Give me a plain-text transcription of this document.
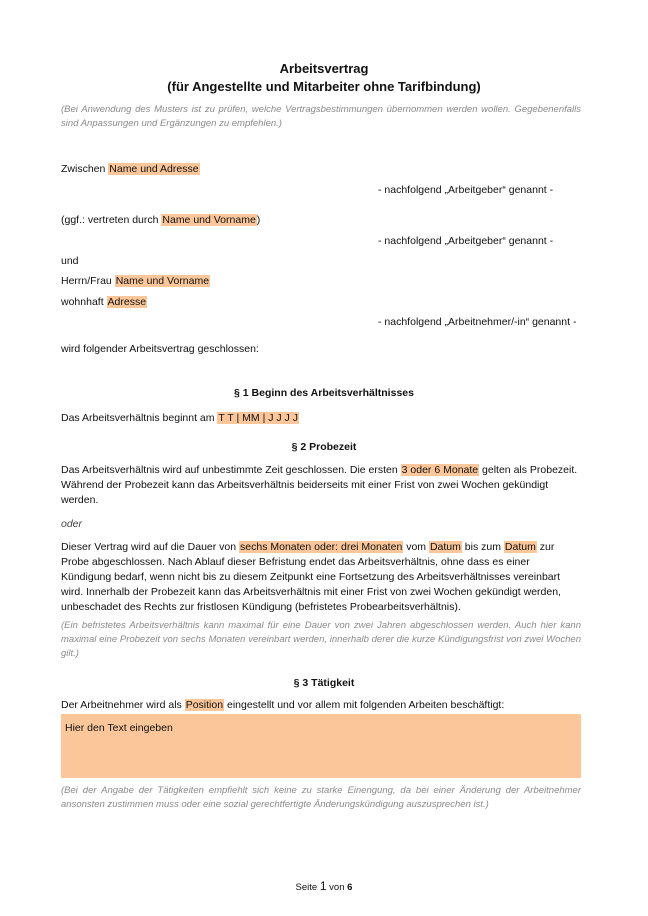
Arbeitsvertrag
(für Angestellte und Mitarbeiter ohne Tarifbindung)
(Bei Anwendung des Musters ist zu prüfen, welche Vertragsbestimmungen übernommen werden wollen. Gegebenenfalls sind Anpassungen und Ergänzungen zu empfehlen.)
Zwischen Name und Adresse
- nachfolgend „Arbeitgeber“ genannt -
(ggf.: vertreten durch Name und Vorname)
- nachfolgend „Arbeitgeber“ genannt -
und
Herrn/Frau Name und Vorname
wohnhaft Adresse
- nachfolgend „Arbeitnehmer/-in“ genannt -
wird folgender Arbeitsvertrag geschlossen:
§ 1 Beginn des Arbeitsverhältnisses
Das Arbeitsverhältnis beginnt am T T | MM | J J J J
§ 2 Probezeit
Das Arbeitsverhältnis wird auf unbestimmte Zeit geschlossen. Die ersten 3 oder 6 Monate gelten als Probezeit. Während der Probezeit kann das Arbeitsverhältnis beiderseits mit einer Frist von zwei Wochen gekündigt werden.
oder
Dieser Vertrag wird auf die Dauer von sechs Monaten oder: drei Monaten vom Datum bis zum Datum zur Probe abgeschlossen. Nach Ablauf dieser Befristung endet das Arbeitsverhältnis, ohne dass es einer Kündigung bedarf, wenn nicht bis zu diesem Zeitpunkt eine Fortsetzung des Arbeitsverhältnisses vereinbart wird. Innerhalb der Probezeit kann das Arbeitsverhältnis mit einer Frist von zwei Wochen gekündigt werden, unbeschadet des Rechts zur fristlosen Kündigung (befristetes Probearbeitsverhältnis).
(Ein befristetes Arbeitsverhältnis kann maximal für eine Dauer von zwei Jahren abgeschlossen werden. Auch hier kann maximal eine Probezeit von sechs Monaten vereinbart werden, innerhalb derer die kurze Kündigungsfrist von zwei Wochen gilt.)
§ 3 Tätigkeit
Der Arbeitnehmer wird als Position eingestellt und vor allem mit folgenden Arbeiten beschäftigt:
Hier den Text eingeben
(Bei der Angabe der Tätigkeiten empfiehlt sich keine zu starke Einengung, da bei einer Änderung der Arbeitnehmer ansonsten zustimmen muss oder eine sozial gerechtfertigte Änderungskündigung auszusprechen ist.)
Seite 1 von 6
